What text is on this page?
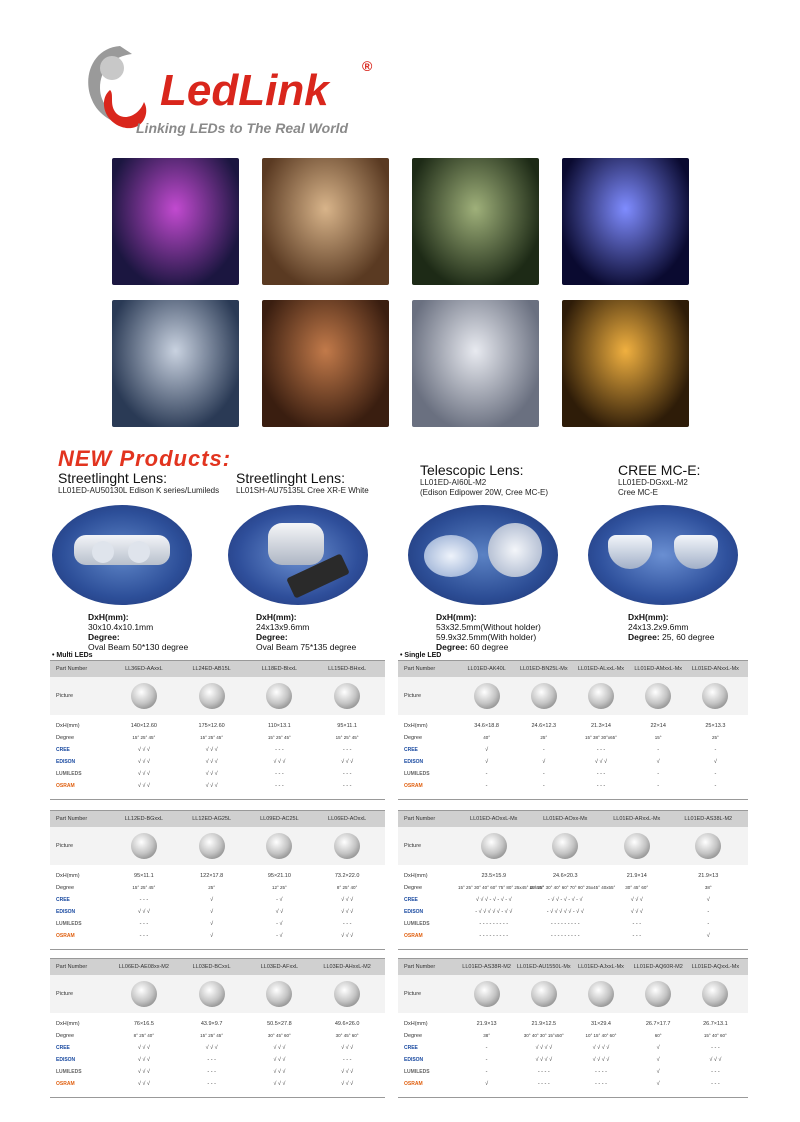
LedLink ®
Linking LEDs to The Real World
NEW Products:
Streetlinght Lens:
LL01ED-AU50130L Edison K series/Lumileds
Streetlinght Lens:
LL01SH-AU75135L Cree XR-E White
Telescopic Lens:
LL01ED-AI60L-M2
(Edison Edipower 20W, Cree MC-E)
CREE MC-E:
LL01ED-DGxxL-M2
Cree MC-E
DxH(mm):
30x10.4x10.1mm
Degree:
Oval Beam 50*130 degree
DxH(mm):
24x13x9.6mm
Degree:
Oval Beam 75*135 degree
DxH(mm):
53x32.5mm(Without holder)
59.9x32.5mm(With holder)
Degree: 60 degree
DxH(mm):
24x13.2x9.6mm
Degree: 25, 60 degree
• Multi LEDs	• Single LED
Part Number
Picture
DxH(mm)
Degree
CREE
EDISON
LUMILEDS
OSRAM
LL36ED-AAxxL
140×12.60
15° 25° 45°
√ √ √
√ √ √
√ √ √
√ √ √
LL24ED-AB15L
175×12.60
15° 25° 45°
√ √ √
√ √ √
√ √ √
√ √ √
LL18ED-BlxxL
110×13.1
15° 25° 45°
- - -
√ √ √
- - -
- - -
LL15ED-BHxxL
95×11.1
15° 25° 45°
- - -
√ √ √
- - -
- - -
Part Number
Picture
DxH(mm)
Degree
CREE
EDISON
LUMILEDS
OSRAM
LL01ED-AK40L
34.6×18.8
40°
√
√
-
-
LL01ED-BN25L-Mx
24.6×12.3
25°
-
√
-
-
LL01ED-ALxxL-Mx
21.3×14
15° 38° 30°x65°
- - -
√ √ √
- - -
- - -
LL01ED-AMxxL-Mx
22×14
15°
-
√
-
-
LL01ED-ANxxL-Mx
25×13.3
25°
-
√
-
-
Part Number
Picture
DxH(mm)
Degree
CREE
EDISON
LUMILEDS
OSRAM
LL12ED-BGxxL
95×11.1
15° 25° 45°
- - -
√ √ √
- - -
- - -
LL12ED-AG25L
122×17.8
25°
√
√
√
√
LL09ED-AC25L
95×21.10
12° 25°
- √
√ √
- √
- √
LL06ED-AOxxL
73.2×22.0
8° 25° 40°
√ √ √
√ √ √
- - -
√ √ √
Part Number
Picture
DxH(mm)
Degree
CREE
EDISON
LUMILEDS
OSRAM
LL01ED-AOxxL-Mx
23.5×15.9
15° 25° 30° 40° 60° 75° 80° 25x45° 40x55°
√ √ √ - √ - √ - √
- √ √ √ √ √ - √ √
- - - - - - - - -
- - - - - - - - -
LL01ED-AOxx-Mx
24.6×20.3
15° 25° 30° 40° 60° 70° 80° 25x45° 40x55°
- √ √ - √ - √ - √
- √ √ √ √ √ - √ √
- - - - - - - - -
- - - - - - - - -
LL01ED-ARxxL-Mx
21.9×14
30° 45° 60°
√ √ √
√ √ √
- - -
- - -
LL01ED-AS38L-M2
21.9×13
38°
√
-
-
√
Part Number
Picture
DxH(mm)
Degree
CREE
EDISON
LUMILEDS
OSRAM
LL06ED-AE08xx-M2
76×16.5
8° 25° 40°
√ √ √
√ √ √
√ √ √
√ √ √
LL03ED-BCxxL
43.9×9.7
15° 25° 45°
√ √ √
- - -
- - -
- - -
LL03ED-AFxxL
50.5×27.8
30° 45° 60°
√ √ √
√ √ √
√ √ √
√ √ √
LL03ED-AHxxL-M2
49.6×26.0
30° 45° 60°
√ √ √
- - -
√ √ √
√ √ √
Part Number
Picture
DxH(mm)
Degree
CREE
EDISON
LUMILEDS
OSRAM
LL01ED-AS38R-M2
21.9×13
38°
-
-
-
√
LL01ED-AU1550L-Mx
21.9×12.5
30° 40° 30° 15°x50°
√ √ √ √
√ √ √ √
- - - -
- - - -
LL01ED-AJxxL-Mx
31×29.4
10° 15° 40° 60°
√ √ √ √
√ √ √ √
- - - -
- - - -
LL01ED-AQ60R-M2
26.7×17.7
60°
√
√
√
√
LL01ED-AQxxL-Mx
26.7×13.1
15° 40° 60°
- - -
√ √ √
- - -
- - -
